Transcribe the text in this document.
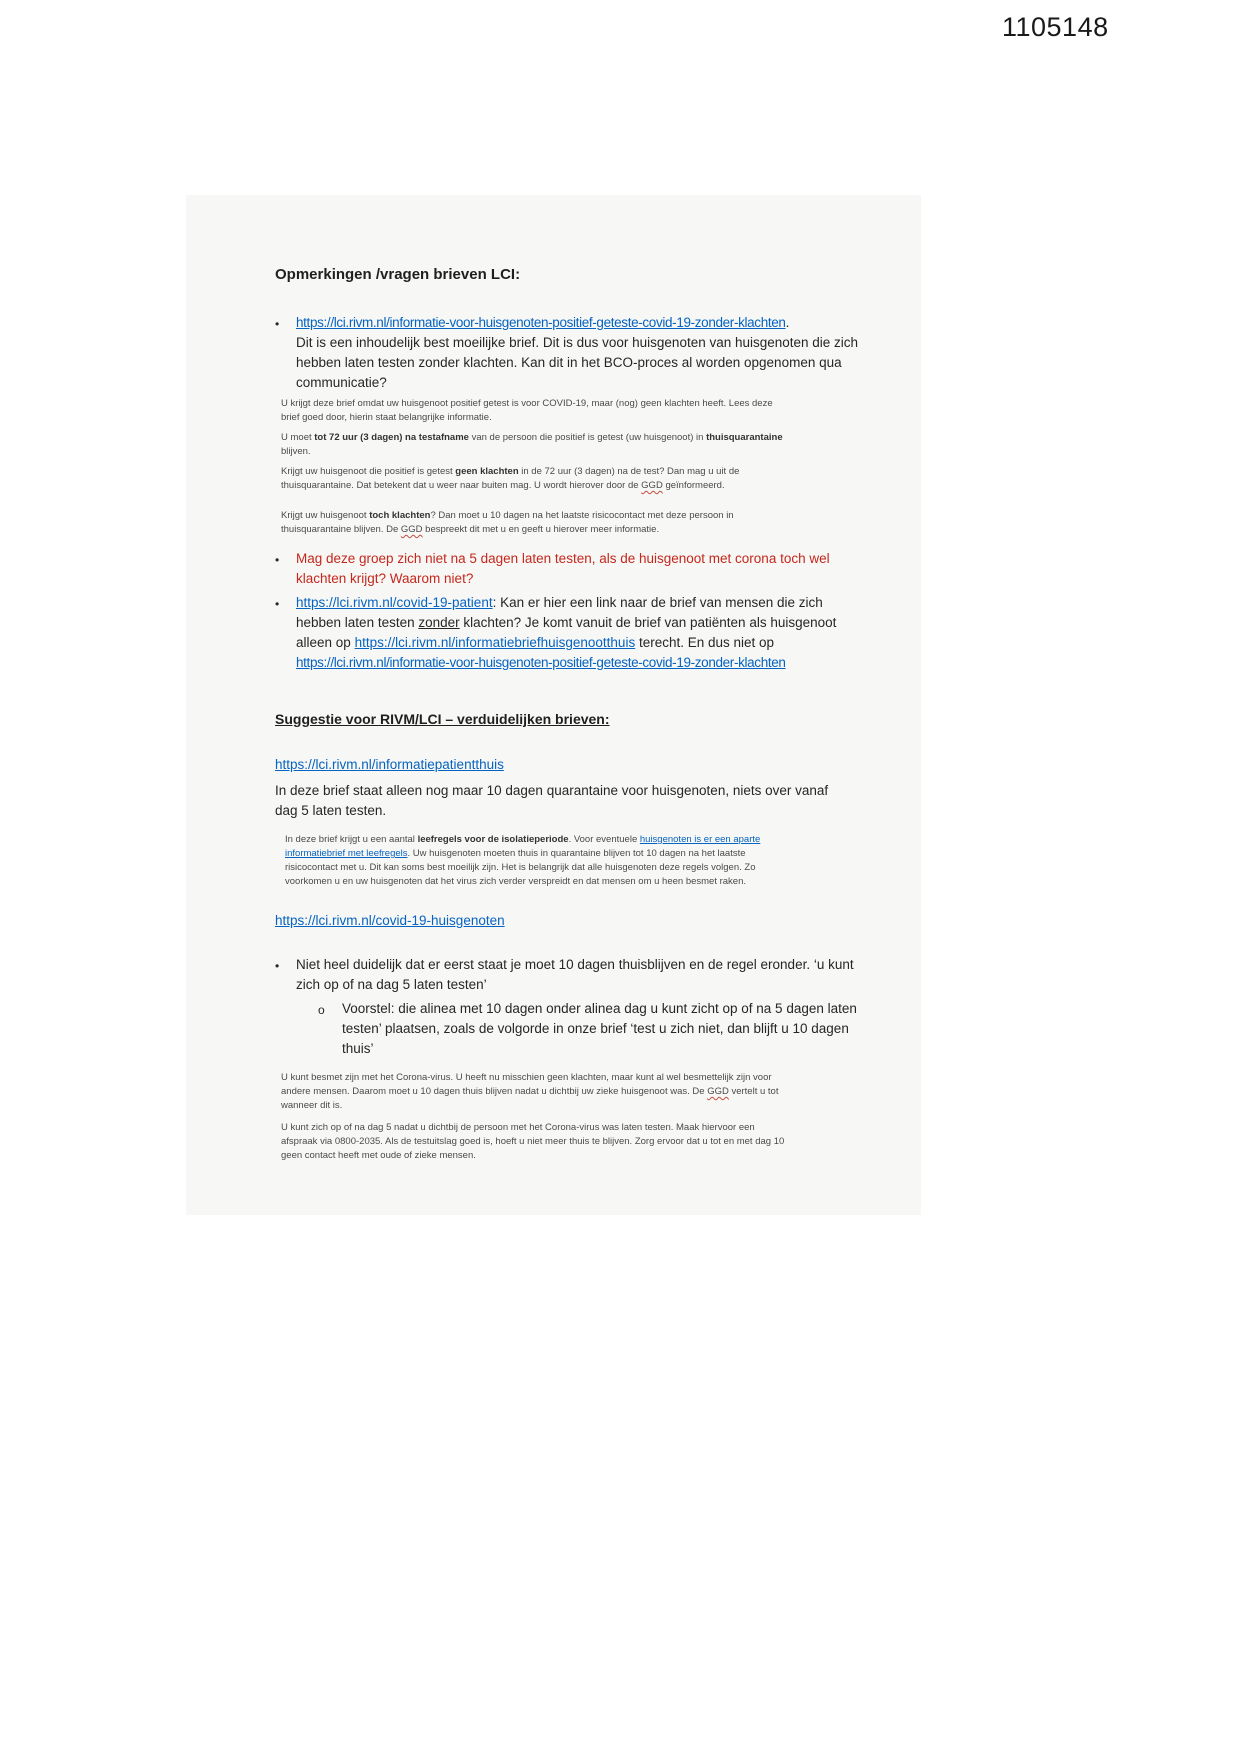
1105148
Opmerkingen /vragen brieven LCI:
•	https://lci.rivm.nl/informatie-voor-huisgenoten-positief-geteste-covid-19-zonder-klachten.
Dit is een inhoudelijk best moeilijke brief. Dit is dus voor huisgenoten van huisgenoten die zich hebben laten testen zonder klachten. Kan dit in het BCO-proces al worden opgenomen qua communicatie?

U krijgt deze brief omdat uw huisgenoot positief getest is voor COVID-19, maar (nog) geen klachten heeft. Lees deze brief goed door, hierin staat belangrijke informatie.

U moet tot 72 uur (3 dagen) na testafname van de persoon die positief is getest (uw huisgenoot) in thuisquarantaine blijven.

Krijgt uw huisgenoot die positief is getest geen klachten in de 72 uur (3 dagen) na de test? Dan mag u uit de thuisquarantaine. Dat betekent dat u weer naar buiten mag. U wordt hierover door de GGD geïnformeerd.

Krijgt uw huisgenoot toch klachten? Dan moet u 10 dagen na het laatste risicocontact met deze persoon in thuisquarantaine blijven. De GGD bespreekt dit met u en geeft u hierover meer informatie.

•	Mag deze groep zich niet na 5 dagen laten testen, als de huisgenoot met corona toch wel klachten krijgt? Waarom niet?
•	https://lci.rivm.nl/covid-19-patient: Kan er hier een link naar de brief van mensen die zich hebben laten testen zonder klachten? Je komt vanuit de brief van patiënten als huisgenoot alleen op https://lci.rivm.nl/informatiebriefhuisgenootthuis terecht. En dus niet op https://lci.rivm.nl/informatie-voor-huisgenoten-positief-geteste-covid-19-zonder-klachten
Suggestie voor RIVM/LCI – verduidelijken brieven:
https://lci.rivm.nl/informatiepatientthuis

In deze brief staat alleen nog maar 10 dagen quarantaine voor huisgenoten, niets over vanaf dag 5 laten testen.

In deze brief krijgt u een aantal leefregels voor de isolatieperiode. Voor eventuele huisgenoten is er een aparte informatiebrief met leefregels. Uw huisgenoten moeten thuis in quarantaine blijven tot 10 dagen na het laatste risicocontact met u. Dit kan soms best moeilijk zijn. Het is belangrijk dat alle huisgenoten deze regels volgen. Zo voorkomen u en uw huisgenoten dat het virus zich verder verspreidt en dat mensen om u heen besmet raken.

https://lci.rivm.nl/covid-19-huisgenoten
•	Niet heel duidelijk dat er eerst staat je moet 10 dagen thuisblijven en de regel eronder. ‘u kunt zich op of na dag 5 laten testen’
o	Voorstel: die alinea met 10 dagen onder alinea dag u kunt zicht op of na 5 dagen laten testen’ plaatsen, zoals de volgorde in onze brief ‘test u zich niet, dan blijft u 10 dagen thuis’

U kunt besmet zijn met het Corona-virus. U heeft nu misschien geen klachten, maar kunt al wel besmettelijk zijn voor andere mensen. Daarom moet u 10 dagen thuis blijven nadat u dichtbij uw zieke huisgenoot was. De GGD vertelt u tot wanneer dit is.

U kunt zich op of na dag 5 nadat u dichtbij de persoon met het Corona-virus was laten testen. Maak hiervoor een afspraak via 0800-2035. Als de testuitslag goed is, hoeft u niet meer thuis te blijven. Zorg ervoor dat u tot en met dag 10 geen contact heeft met oude of zieke mensen.
